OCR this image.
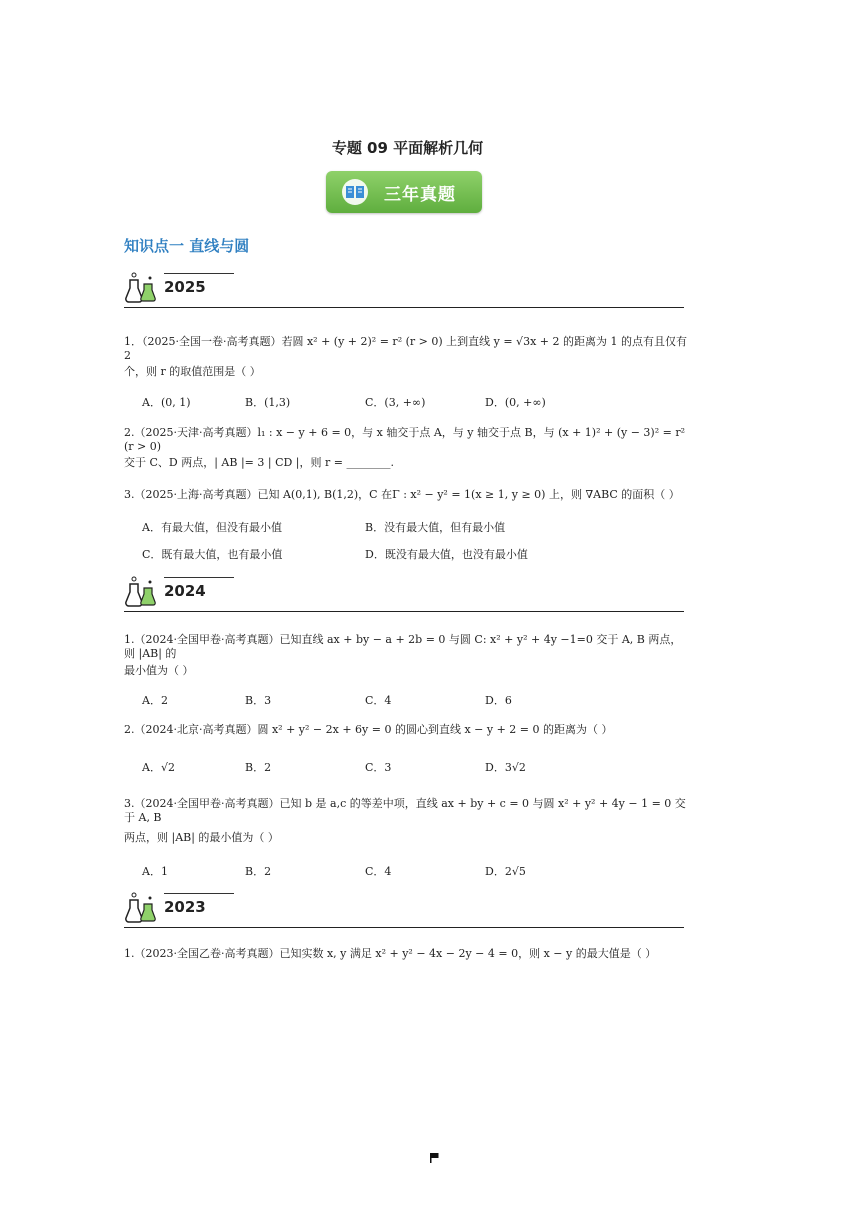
专题 09 平面解析几何
三年真题
知识点一 直线与圆
2025
1．（2025·全国一卷·高考真题）若圆 x² + (y + 2)² = r² (r > 0) 上到直线 y = √3x + 2 的距离为 1 的点有且仅有 2
个，则 r 的取值范围是（ ）
A．(0, 1)	B．(1,3)	C．(3, +∞)	D．(0, +∞)
2.（2025·天津·高考真题）l₁ : x − y + 6 = 0，与 x 轴交于点 A，与 y 轴交于点 B，与 (x + 1)² + (y − 3)² = r² (r > 0)
交于 C、D 两点，| AB |= 3 | CD |，则 r = ________.
3.（2025·上海·高考真题）已知 A(0,1), B(1,2)，C 在Γ : x² − y² = 1(x ≥ 1, y ≥ 0) 上，则 ∇ABC 的面积（ ）
A．有最大值，但没有最小值	B．没有最大值，但有最小值
C．既有最大值，也有最小值	D．既没有最大值，也没有最小值
2024
1.（2024·全国甲卷·高考真题）已知直线 ax + by − a + 2b = 0 与圆 C: x² + y² + 4y −1=0 交于 A, B 两点，则 |AB| 的
最小值为（ ）
A．2	B．3	C．4	D．6
2.（2024·北京·高考真题）圆 x² + y² − 2x + 6y = 0 的圆心到直线 x − y + 2 = 0 的距离为（ ）
A．√2	B．2	C．3	D．3√2
3.（2024·全国甲卷·高考真题）已知 b 是 a,c 的等差中项，直线 ax + by + c = 0 与圆 x² + y² + 4y − 1 = 0 交于 A, B
两点，则 |AB| 的最小值为（ ）
A．1	B．2	C．4	D．2√5
2023
1.（2023·全国乙卷·高考真题）已知实数 x, y 满足 x² + y² − 4x − 2y − 4 = 0，则 x − y 的最大值是（ ）
